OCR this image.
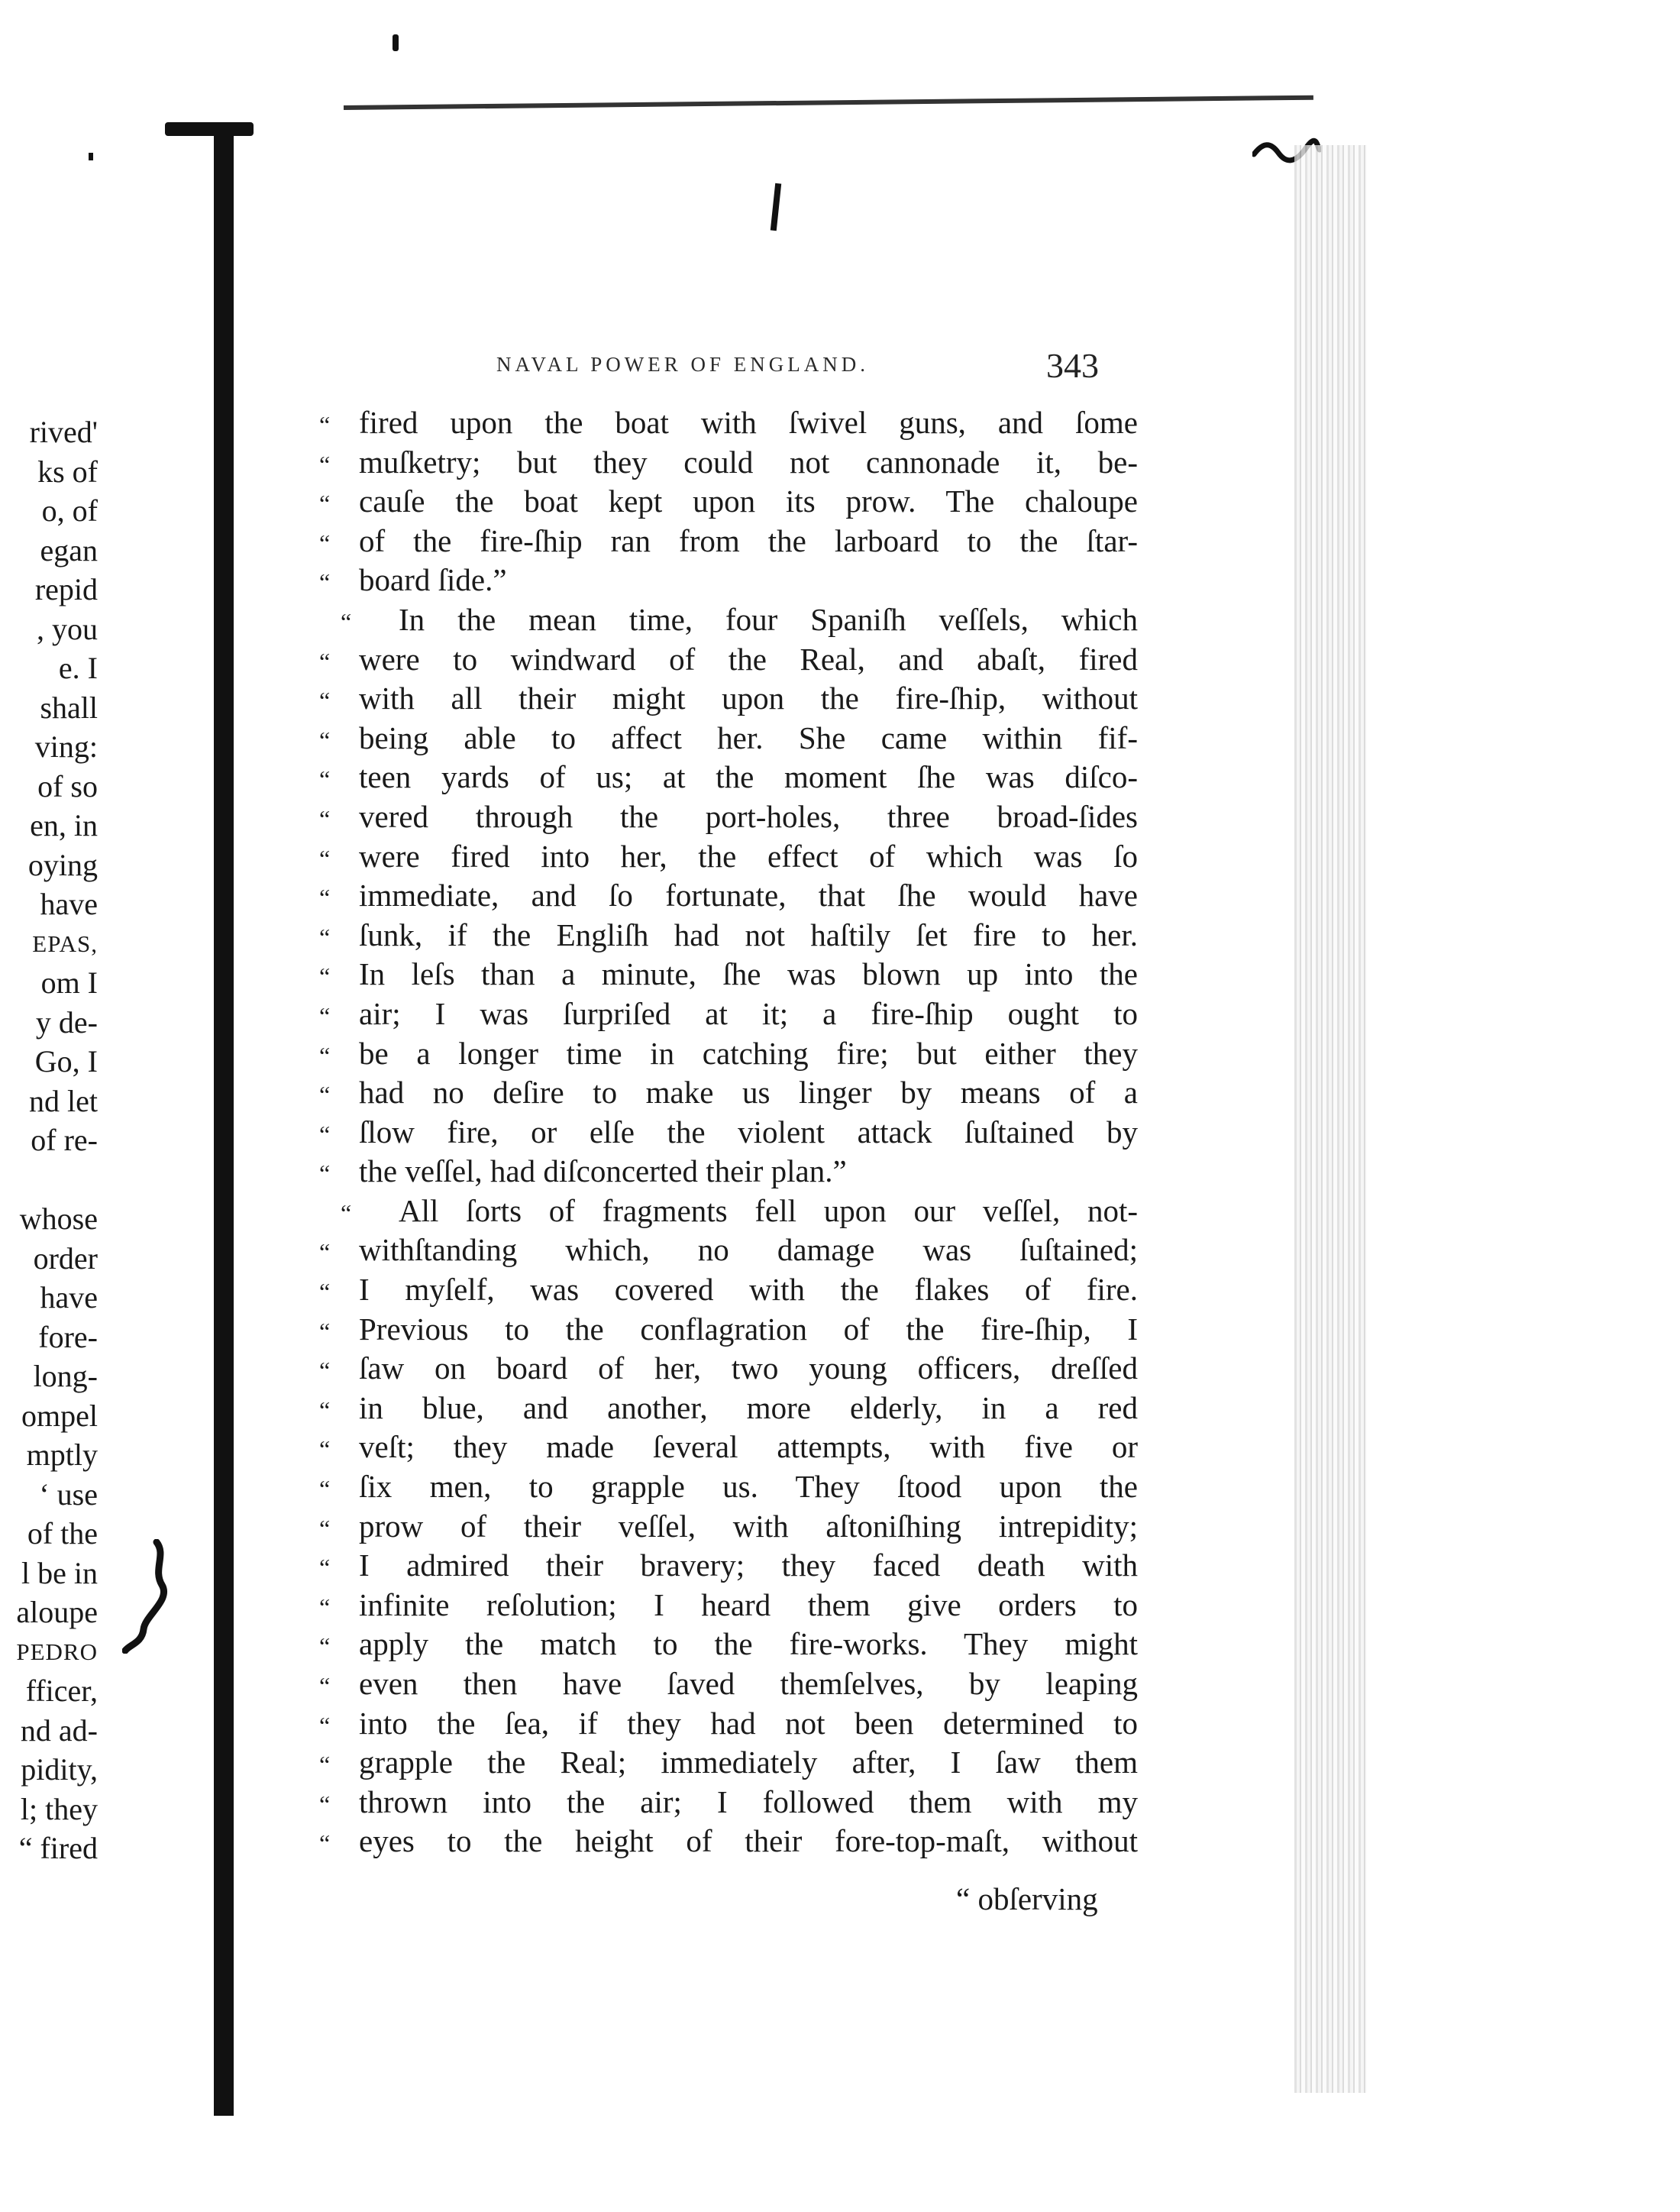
rived'
ks of
o, of
egan
repid
, you
e. I
shall
ving:
of so
en, in
oying
have
EPAS,
om I
y de-
Go, I
nd let
of re-
whose
order
have
fore-
long-
ompel
mptly
‘ use
of the
l be in
aloupe
PEDRO
fficer,
nd ad-
pidity,
l; they
“ fired
NAVAL POWER OF ENGLAND.	343
“ fired upon the boat with ſwivel guns, and ſome
“ muſketry; but they could not cannonade it, be-
“ cauſe the boat kept upon its prow. The chaloupe
“ of the fire-ſhip ran from the larboard to the ſtar-
“ board ſide.”
“	In the mean time, four Spaniſh veſſels, which
“ were to windward of the Real, and abaſt, fired
“ with all their might upon the fire-ſhip, without
“ being able to affect her. She came within fif-
“ teen yards of us; at the moment ſhe was diſco-
“ vered through the port-holes, three broad-ſides
“ were fired into her, the effect of which was ſo
“ immediate, and ſo fortunate, that ſhe would have
“ ſunk, if the Engliſh had not haſtily ſet fire to her.
“ In leſs than a minute, ſhe was blown up into the
“ air; I was ſurpriſed at it; a fire-ſhip ought to
“ be a longer time in catching fire; but either they
“ had no deſire to make us linger by means of a
“ ſlow fire, or elſe the violent attack ſuſtained by
“ the veſſel, had diſconcerted their plan.”
“	All ſorts of fragments fell upon our veſſel, not-
“ withſtanding which, no damage was ſuſtained;
“ I myſelf, was covered with the flakes of fire.
“ Previous to the conflagration of the fire-ſhip, I
“ ſaw on board of her, two young officers, dreſſed
“ in blue, and another, more elderly, in a red
“ veſt; they made ſeveral attempts, with five or
“ ſix men, to grapple us. They ſtood upon the
“ prow of their veſſel, with aſtoniſhing intrepidity;
“ I admired their bravery; they faced death with
“ infinite reſolution; I heard them give orders to
“ apply the match to the fire-works. They might
“ even then have ſaved themſelves, by leaping
“ into the ſea, if they had not been determined to
“ grapple the Real; immediately after, I ſaw them
“ thrown into the air; I followed them with my
“ eyes to the height of their fore-top-maſt, without
“ obſerving
